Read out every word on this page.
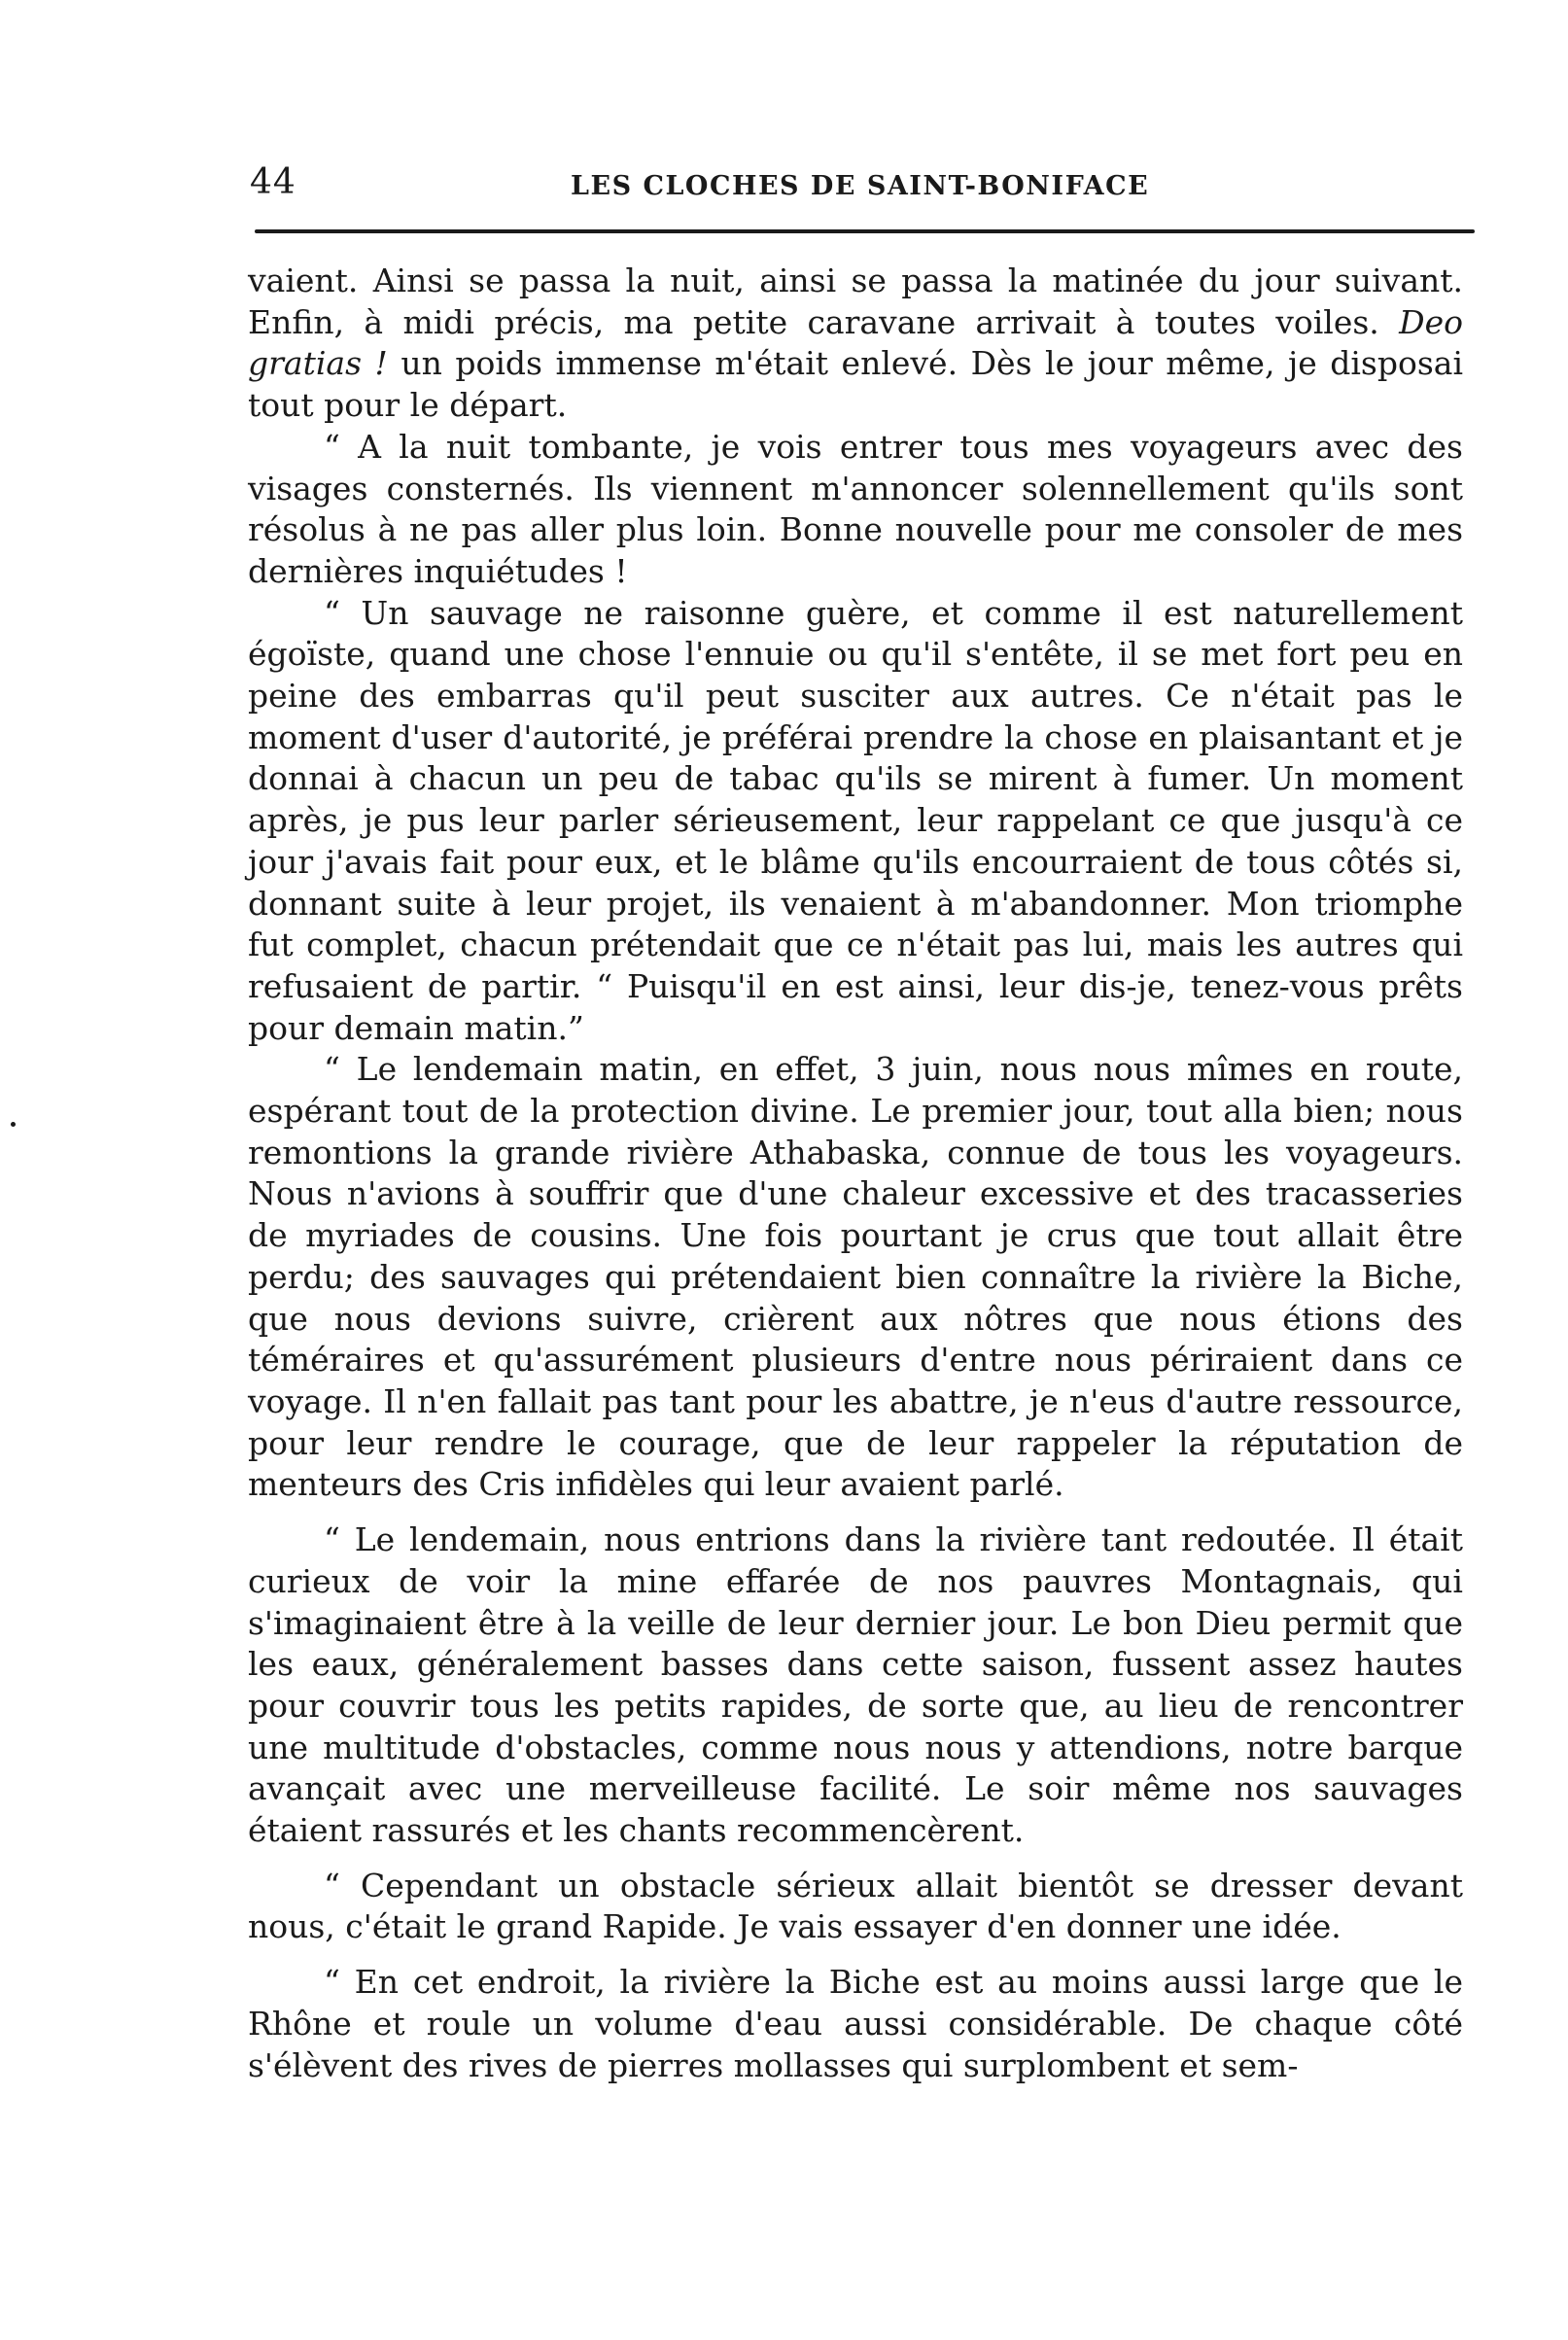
44	LES CLOCHES DE SAINT-BONIFACE

vaient. Ainsi se passa la nuit, ainsi se passa la matinée du jour suivant. Enfin, à midi précis, ma petite caravane arrivait à toutes voiles. Deo gratias ! un poids immense m'était enlevé. Dès le jour même, je disposai tout pour le départ.

“ A la nuit tombante, je vois entrer tous mes voyageurs avec des visages consternés. Ils viennent m'annoncer solennellement qu'ils sont résolus à ne pas aller plus loin. Bonne nouvelle pour me consoler de mes dernières inquiétudes !

“ Un sauvage ne raisonne guère, et comme il est naturellement égoïste, quand une chose l'ennuie ou qu'il s'entête, il se met fort peu en peine des embarras qu'il peut susciter aux autres. Ce n'était pas le moment d'user d'autorité, je préférai prendre la chose en plaisantant et je donnai à chacun un peu de tabac qu'ils se mirent à fumer. Un moment après, je pus leur parler sérieusement, leur rappelant ce que jusqu'à ce jour j'avais fait pour eux, et le blâme qu'ils encourraient de tous côtés si, donnant suite à leur projet, ils venaient à m'abandonner. Mon triomphe fut complet, chacun prétendait que ce n'était pas lui, mais les autres qui refusaient de partir. “ Puisqu'il en est ainsi, leur dis-je, tenez-vous prêts pour demain matin.”

“ Le lendemain matin, en effet, 3 juin, nous nous mîmes en route, espérant tout de la protection divine. Le premier jour, tout alla bien; nous remontions la grande rivière Athabaska, connue de tous les voyageurs. Nous n'avions à souffrir que d'une chaleur excessive et des tracasseries de myriades de cousins. Une fois pourtant je crus que tout allait être perdu; des sauvages qui prétendaient bien connaître la rivière la Biche, que nous devions suivre, crièrent aux nôtres que nous étions des téméraires et qu'assurément plusieurs d'entre nous périraient dans ce voyage. Il n'en fallait pas tant pour les abattre, je n'eus d'autre ressource, pour leur rendre le courage, que de leur rappeler la réputation de menteurs des Cris infidèles qui leur avaient parlé.

“ Le lendemain, nous entrions dans la rivière tant redoutée. Il était curieux de voir la mine effarée de nos pauvres Montagnais, qui s'imaginaient être à la veille de leur dernier jour. Le bon Dieu permit que les eaux, généralement basses dans cette saison, fussent assez hautes pour couvrir tous les petits rapides, de sorte que, au lieu de rencontrer une multitude d'obstacles, comme nous nous y attendions, notre barque avançait avec une merveilleuse facilité. Le soir même nos sauvages étaient rassurés et les chants recommencèrent.

“ Cependant un obstacle sérieux allait bientôt se dresser devant nous, c'était le grand Rapide. Je vais essayer d'en donner une idée.

“ En cet endroit, la rivière la Biche est au moins aussi large que le Rhône et roule un volume d'eau aussi considérable. De chaque côté s'élèvent des rives de pierres mollasses qui surplombent et sem-
